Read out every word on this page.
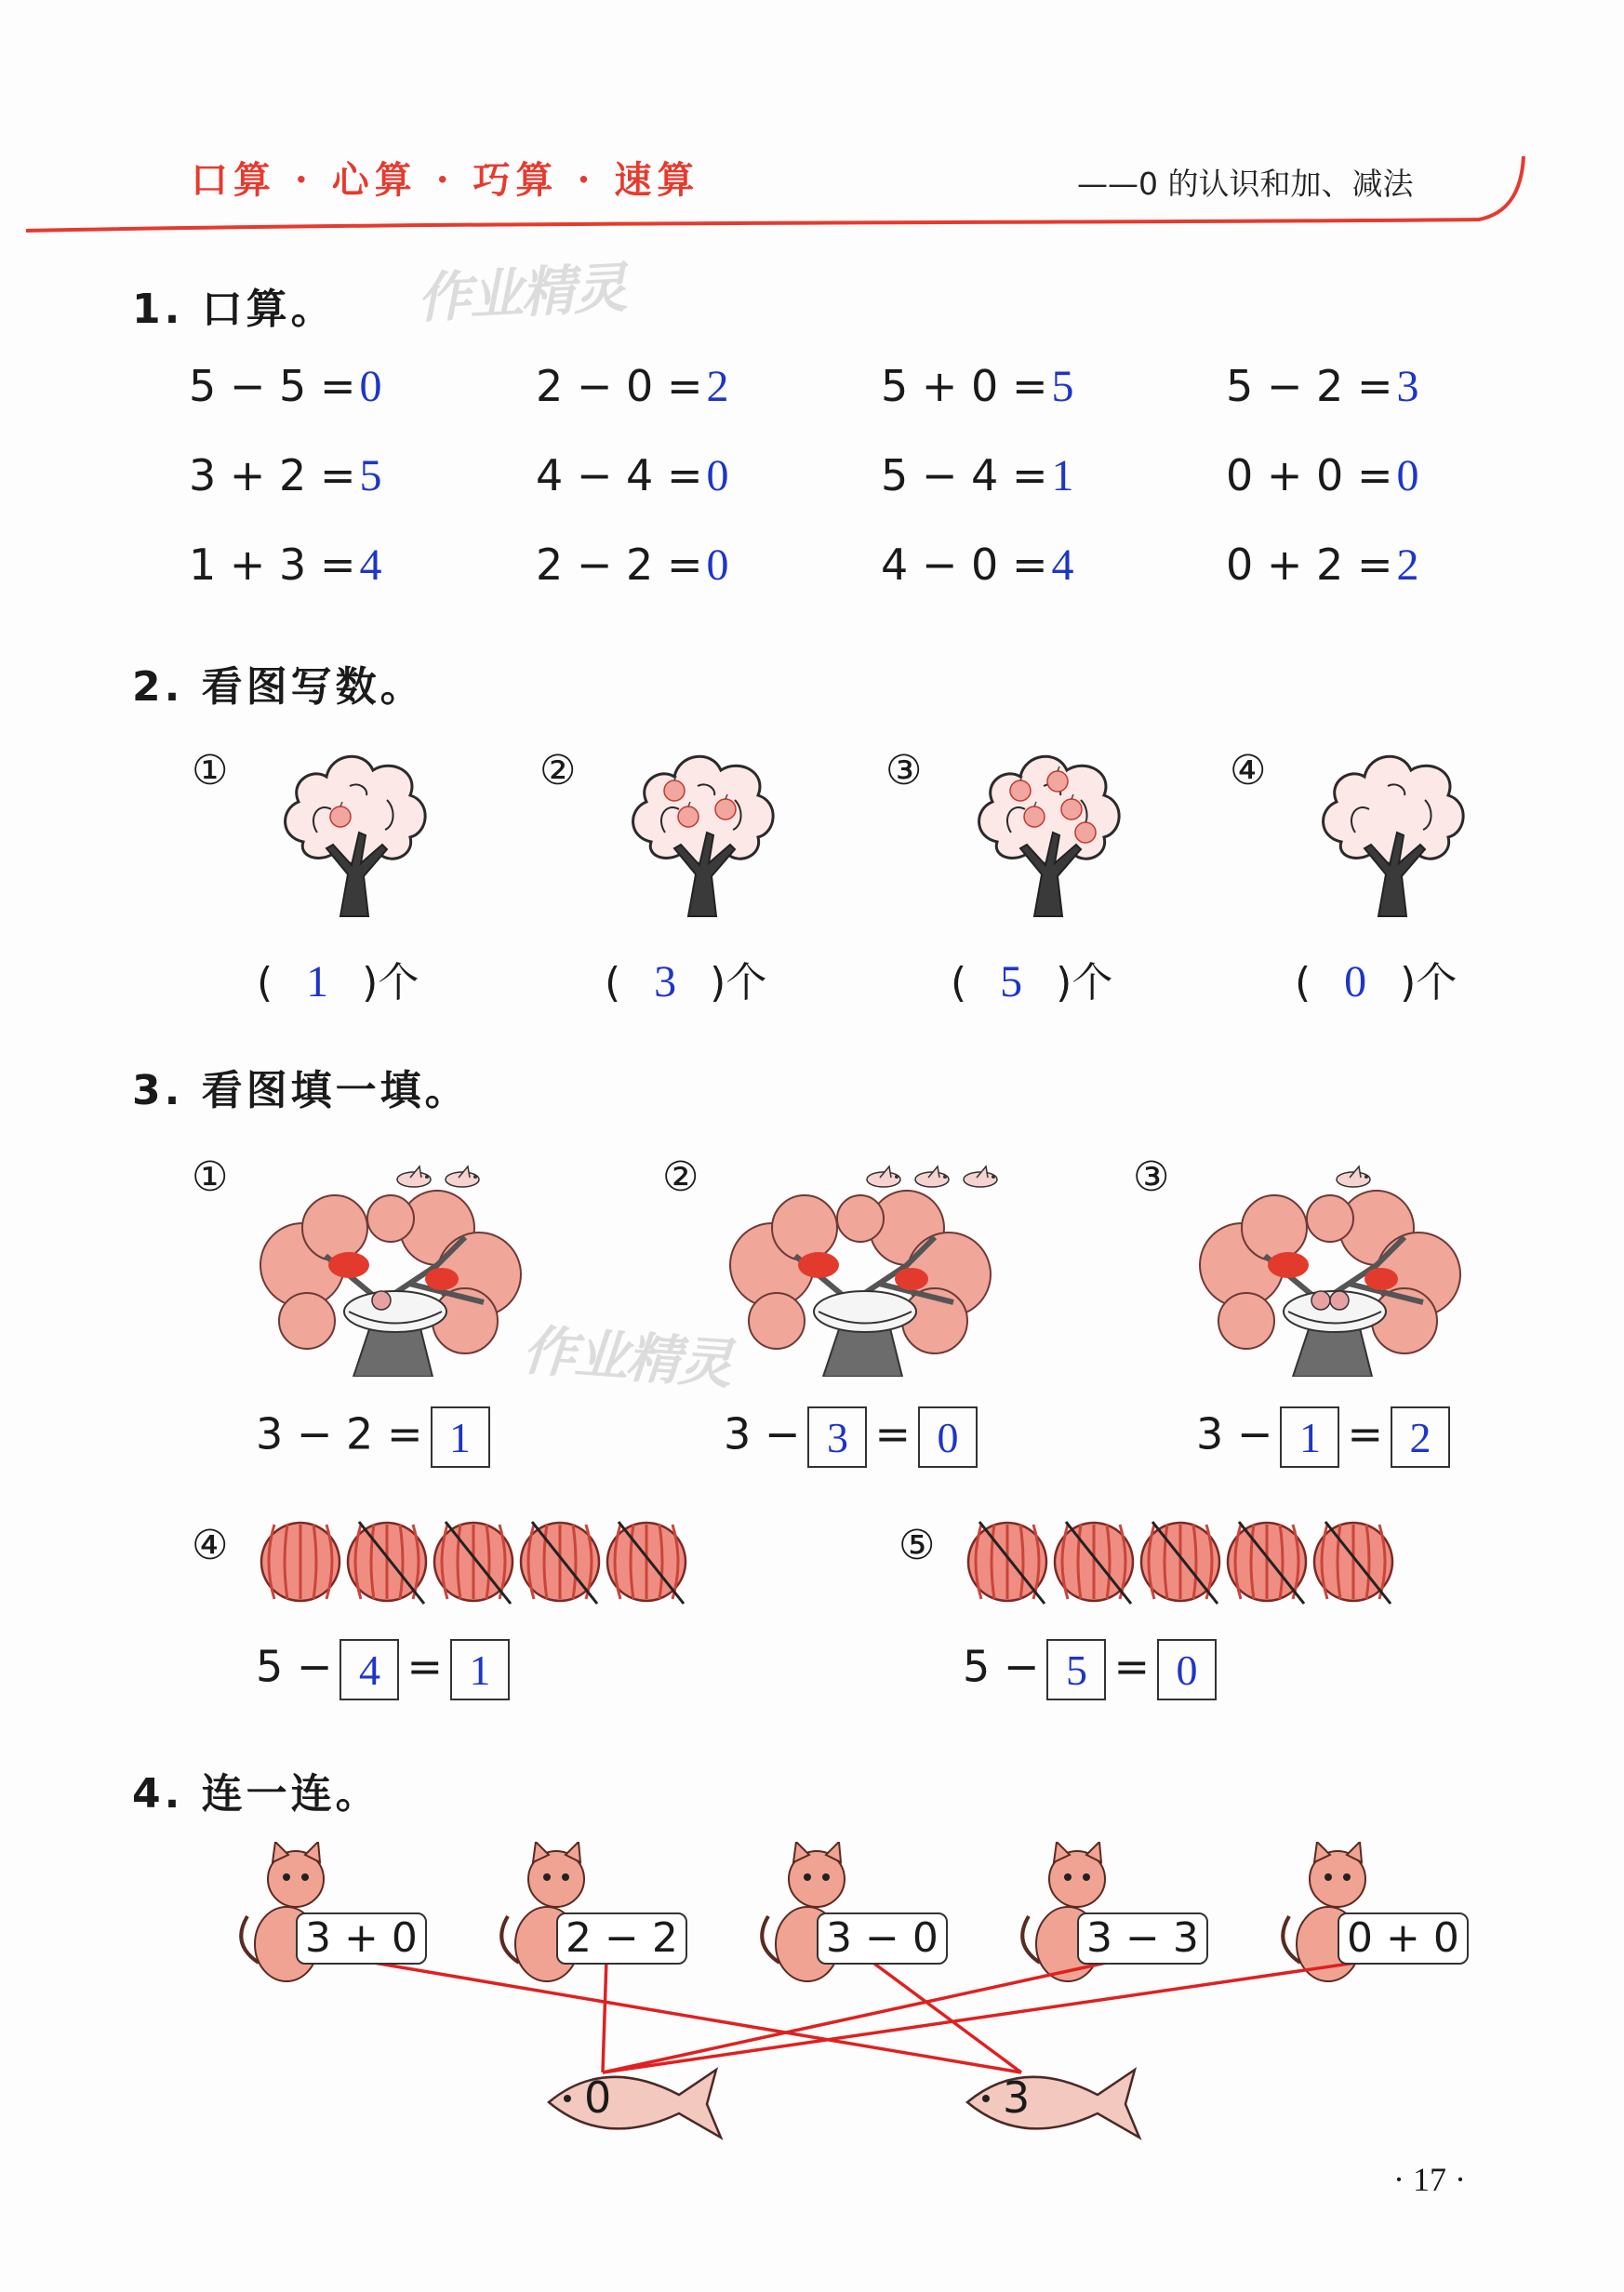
口算 · 心算 · 巧算 · 速算	——0 的认识和加、减法
作业精灵
作业精灵
1. 口算。
5 − 5 =0	2 − 0 =2	5 + 0 =5	5 − 2 =3
3 + 2 =5	4 − 4 =0	5 − 4 =1	0 + 0 =0
1 + 3 =4	2 − 2 =0	4 − 0 =4	0 + 2 =2
2. 看图写数。
①
( 1 )个
②
( 3 )个
③
( 5 )个
④
( 0 )个
3. 看图填一填。
①	②	③
④	⑤
3 − 2 = 1	3 − 3 = 0	3 − 1 = 2
5 − 4 = 1	5 − 5 = 0
4. 连一连。
3 + 0	2 − 2	3 − 0	3 − 3	0 + 0
0	3
· 17 ·
